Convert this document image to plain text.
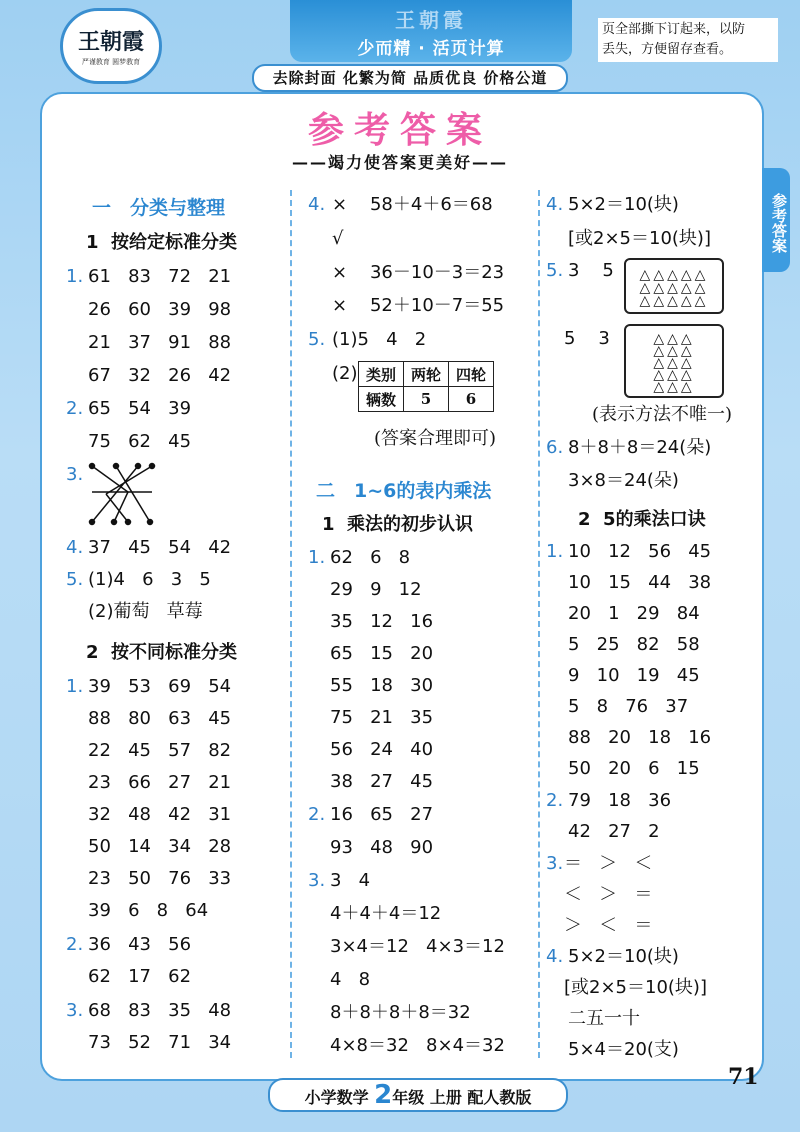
王朝霞
少而精 · 活页计算
王朝霞
严谨教育 圆梦教育
页全部撕下订起来，以防
丢失，方便留存查看。
去除封面 化繁为简 品质优良 价格公道
参考答案
参考答案
——竭力使答案更美好——
一　分类与整理
1  按给定标准分类
1. 61   83   72   21
26   60   39   98
21   37   91   88
67   32   26   42
2. 65   54   39
75   62   45
3.
4. 37   45   54   42
5. (1)4   6   3   5
(2)葡萄   草莓
2  按不同标准分类
1. 39   53   69   54
88   80   63   45
22   45   57   82
23   66   27   21
32   48   42   31
50   14   34   28
23   50   76   33
39   6   8   64
2. 36   43   56
62   17   62
3. 68   83   35   48
73   52   71   34
4. ×    58＋4＋6＝68
√
×    36－10－3＝23
×    52＋10－7＝55
5. (1)5   4   2
(2) 类别	两轮	四轮
辆数	5	6
(答案合理即可)
二　1~6的表内乘法
1  乘法的初步认识
1. 62   6   8
29   9   12
35   12   16
65   15   20
55   18   30
75   21   35
56   24   40
38   27   45
2. 16   65   27
93   48   90
3. 3   4
4＋4＋4＝12
3×4＝12   4×3＝12
4   8
8＋8＋8＋8＝32
4×8＝32   8×4＝32
4. 5×2＝10(块)
[或2×5＝10(块)]
5. 3    5	△△△△△
△△△△△
△△△△△
5    3	△△△
△△△
△△△
△△△
△△△
(表示方法不唯一)
6. 8＋8＋8＝24(朵)
3×8＝24(朵)
2  5的乘法口诀
1. 10   12   56   45
10   15   44   38
20   1   29   84
5   25   82   58
9   10   19   45
5   8   76   37
88   20   18   16
50   20   6   15
2. 79   18   36
42   27   2
3. ＝   ＞   ＜
＜   ＞   ＝
＞   ＜   ＝
4. 5×2＝10(块)
[或2×5＝10(块)]
二五一十
5×4＝20(支)
小学数学 2年级 上册 配人教版
71
